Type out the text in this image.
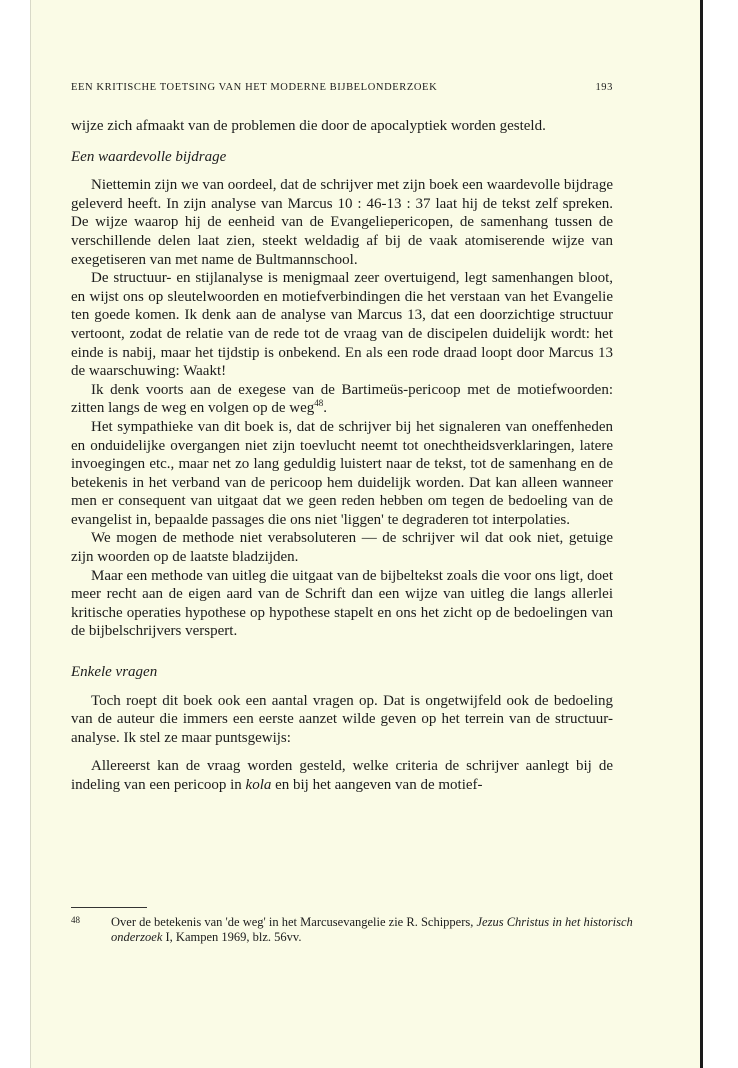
EEN KRITISCHE TOETSING VAN HET MODERNE BIJBELONDERZOEK	193

wijze zich afmaakt van de problemen die door de apocalyptiek worden gesteld.

Een waardevolle bijdrage

Niettemin zijn we van oordeel, dat de schrijver met zijn boek een waardevolle bijdrage geleverd heeft. In zijn analyse van Marcus 10 : 46-13 : 37 laat hij de tekst zelf spreken. De wijze waarop hij de eenheid van de Evangeliepericopen, de samenhang tussen de verschillende delen laat zien, steekt weldadig af bij de vaak atomiserende wijze van exegetiseren van met name de Bultmannschool.

De structuur- en stijlanalyse is menigmaal zeer overtuigend, legt samenhangen bloot, en wijst ons op sleutelwoorden en motiefverbindingen die het verstaan van het Evangelie ten goede komen. Ik denk aan de analyse van Marcus 13, dat een doorzichtige structuur vertoont, zodat de relatie van de rede tot de vraag van de discipelen duidelijk wordt: het einde is nabij, maar het tijdstip is onbekend. En als een rode draad loopt door Marcus 13 de waarschuwing: Waakt!

Ik denk voorts aan de exegese van de Bartimeüs-pericoop met de motiefwoorden: zitten langs de weg en volgen op de weg$^{48}$.

Het sympathieke van dit boek is, dat de schrijver bij het signaleren van oneffenheden en onduidelijke overgangen niet zijn toevlucht neemt tot onechtheidsverklaringen, latere invoegingen etc., maar net zo lang geduldig luistert naar de tekst, tot de samenhang en de betekenis in het verband van de pericoop hem duidelijk worden. Dat kan alleen wanneer men er consequent van uitgaat dat we geen reden hebben om tegen de bedoeling van de evangelist in, bepaalde passages die ons niet 'liggen' te degraderen tot interpolaties.

We mogen de methode niet verabsoluteren — de schrijver wil dat ook niet, getuige zijn woorden op de laatste bladzijden.

Maar een methode van uitleg die uitgaat van de bijbeltekst zoals die voor ons ligt, doet meer recht aan de eigen aard van de Schrift dan een wijze van uitleg die langs allerlei kritische operaties hypothese op hypothese stapelt en ons het zicht op de bedoelingen van de bijbelschrijvers verspert.

Enkele vragen

Toch roept dit boek ook een aantal vragen op. Dat is ongetwijfeld ook de bedoeling van de auteur die immers een eerste aanzet wilde geven op het terrein van de structuur-analyse. Ik stel ze maar puntsgewijs:

Allereerst kan de vraag worden gesteld, welke criteria de schrijver aanlegt bij de indeling van een pericoop in kola en bij het aangeven van de motief-

48 Over de betekenis van 'de weg' in het Marcusevangelie zie R. Schippers, Jezus Christus in het historisch onderzoek I, Kampen 1969, blz. 56vv.
